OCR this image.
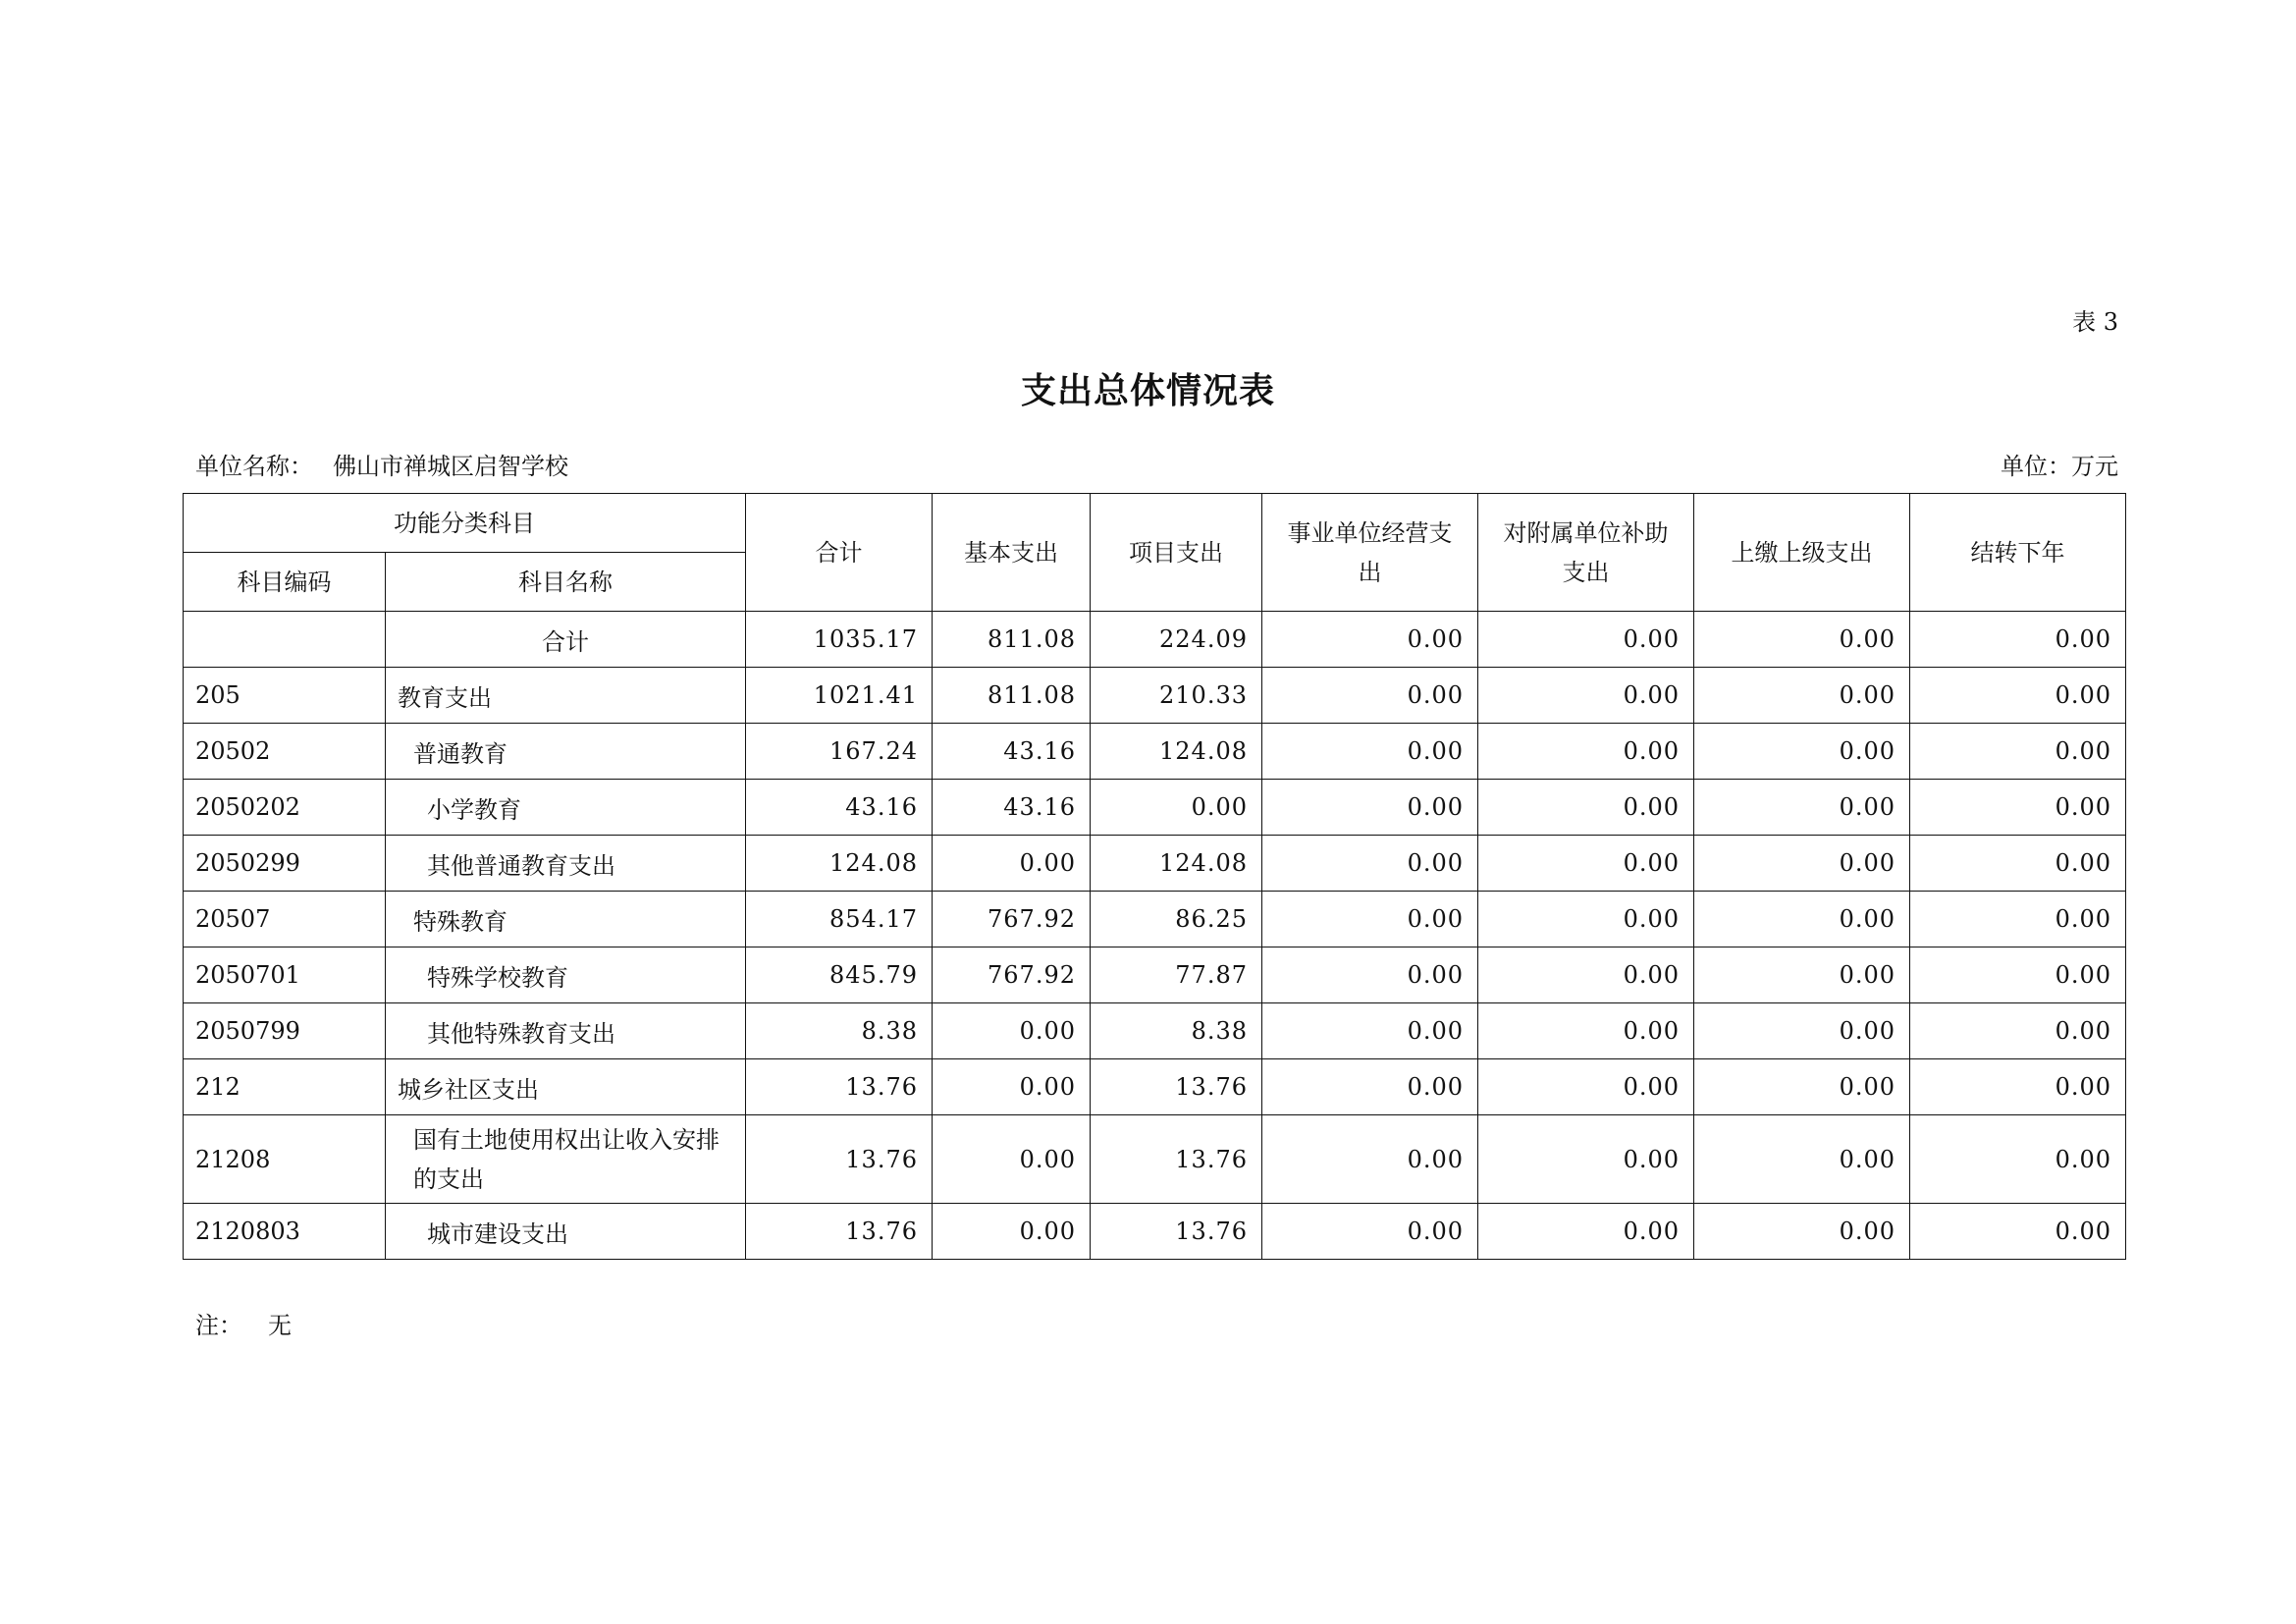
表 3
支出总体情况表
单位名称： 佛山市禅城区启智学校	单位：万元
功能分类科目		合计	基本支出	项目支出	事业单位经营支出	对附属单位补助支出	上缴上级支出	结转下年
科目编码	科目名称							
	合计	1035.17	811.08	224.09	0.00	0.00	0.00	0.00
205	教育支出	1021.41	811.08	210.33	0.00	0.00	0.00	0.00
20502	普通教育	167.24	43.16	124.08	0.00	0.00	0.00	0.00
2050202	小学教育	43.16	43.16	0.00	0.00	0.00	0.00	0.00
2050299	其他普通教育支出	124.08	0.00	124.08	0.00	0.00	0.00	0.00
20507	特殊教育	854.17	767.92	86.25	0.00	0.00	0.00	0.00
2050701	特殊学校教育	845.79	767.92	77.87	0.00	0.00	0.00	0.00
2050799	其他特殊教育支出	8.38	0.00	8.38	0.00	0.00	0.00	0.00
212	城乡社区支出	13.76	0.00	13.76	0.00	0.00	0.00	0.00
21208	国有土地使用权出让收入安排的支出	13.76	0.00	13.76	0.00	0.00	0.00	0.00
2120803	城市建设支出	13.76	0.00	13.76	0.00	0.00	0.00	0.00
注： 无
